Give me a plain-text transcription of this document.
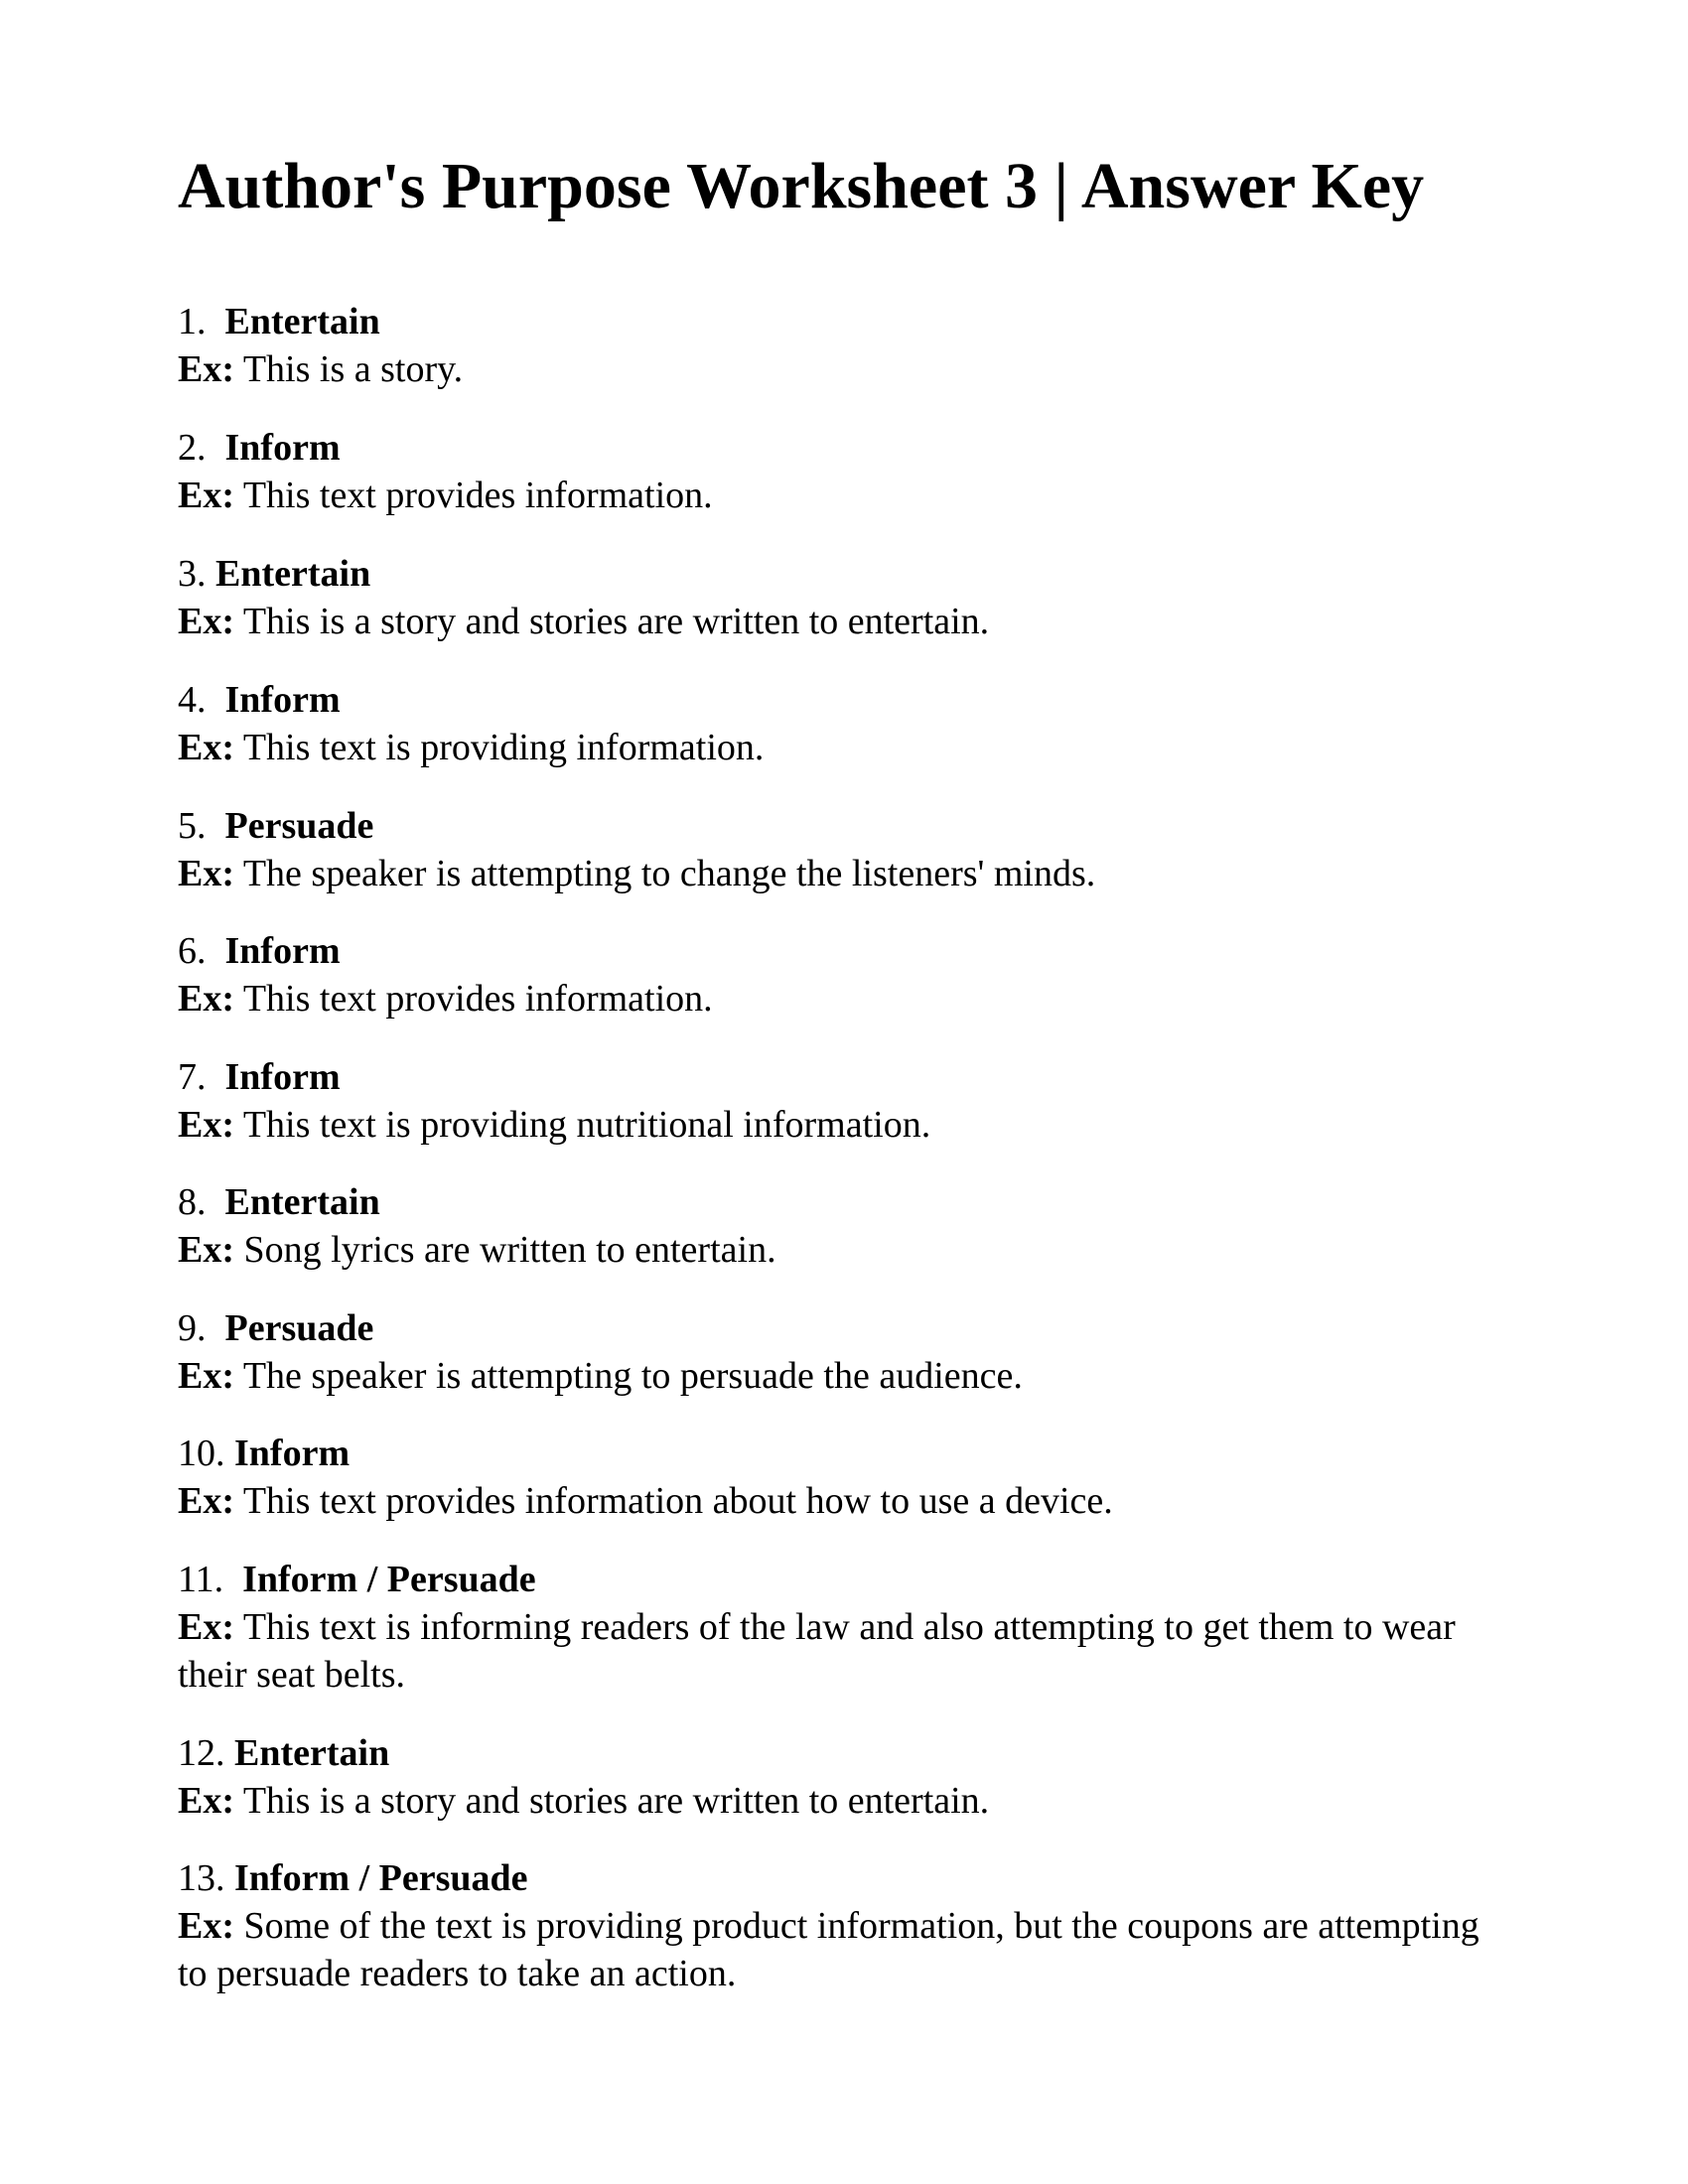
Author's Purpose Worksheet 3 | Answer Key
1. Entertain
Ex: This is a story.
2. Inform
Ex: This text provides information.
3. Entertain
Ex: This is a story and stories are written to entertain.
4. Inform
Ex: This text is providing information.
5. Persuade
Ex: The speaker is attempting to change the listeners' minds.
6. Inform
Ex: This text provides information.
7. Inform
Ex: This text is providing nutritional information.
8. Entertain
Ex: Song lyrics are written to entertain.
9. Persuade
Ex: The speaker is attempting to persuade the audience.
10. Inform
Ex: This text provides information about how to use a device.
11. Inform / Persuade
Ex: This text is informing readers of the law and also attempting to get them to wear their seat belts.
12. Entertain
Ex: This is a story and stories are written to entertain.
13. Inform / Persuade
Ex: Some of the text is providing product information, but the coupons are attempting to persuade readers to take an action.
